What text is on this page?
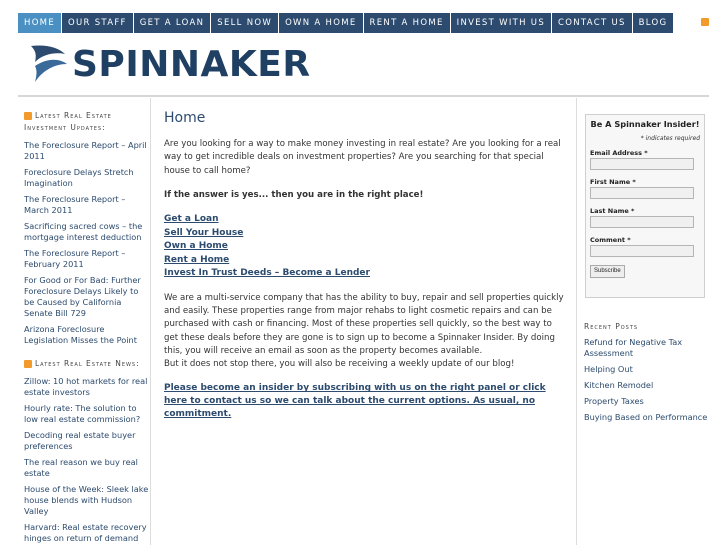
HOME	OUR STAFF	GET A LOAN	SELL NOW	OWN A HOME	RENT A HOME	INVEST WITH US	CONTACT US	BLOG
SPINNAKER
Latest Real Estate Investment Updates:
The Foreclosure Report – April 2011
Foreclosure Delays Stretch Imagination
The Foreclosure Report – March 2011
Sacrificing sacred cows – the mortgage interest deduction
The Foreclosure Report – February 2011
For Good or For Bad: Further Foreclosure Delays Likely to be Caused by California Senate Bill 729
Arizona Foreclosure Legislation Misses the Point
Latest Real Estate News:
Zillow: 10 hot markets for real estate investors
Hourly rate: The solution to low real estate commission?
Decoding real estate buyer preferences
The real reason we buy real estate
House of the Week: Sleek lake house blends with Hudson Valley
Harvard: Real estate recovery hinges on return of demand
Home

Are you looking for a way to make money investing in real estate? Are you looking for a real way to get incredible deals on investment properties? Are you searching for that special house to call home?

If the answer is yes... then you are in the right place!

Get a Loan
Sell Your House
Own a Home
Rent a Home
Invest In Trust Deeds – Become a Lender

We are a multi-service company that has the ability to buy, repair and sell properties quickly and easily. These properties range from major rehabs to light cosmetic repairs and can be purchased with cash or financing. Most of these properties sell quickly, so the best way to get these deals before they are gone is to sign up to become a Spinnaker Insider. By doing this, you will receive an email as soon as the property becomes available.
But it does not stop there, you will also be receiving a weekly update of our blog!

Please become an insider by subscribing with us on the right panel or click here to contact us so we can talk about the current options. As usual, no commitment.
Be A Spinnaker Insider!
* indicates required
Email Address *
First Name *
Last Name *
Comment *
Subscribe
Recent Posts
Refund for Negative Tax Assessment
Helping Out
Kitchen Remodel
Property Taxes
Buying Based on Performance
